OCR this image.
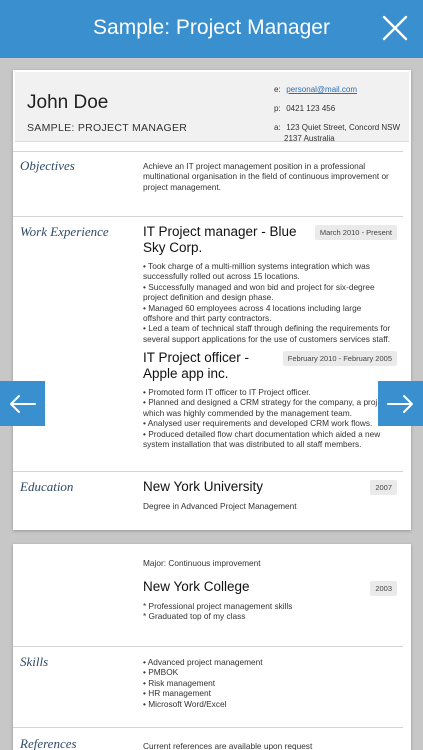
Sample: Project Manager
John Doe
SAMPLE: PROJECT MANAGER
e: personal@mail.com
p: 0421 123 456
a: 123 Quiet Street, Concord NSW
2137 Australia
Objectives	Achieve an IT project management position in a professional
multinational organisation in the field of continuous improvement or
project management.
Work Experience	IT Project manager - Blue
Sky Corp.
March 2010 - Present
• Took charge of a multi-million systems integration which was
successfully rolled out across 15 locations.
• Successfully managed and won bid and project for six-degree
project definition and design phase.
• Managed 60 employees across 4 locations including large
offshore and thirt party contractors.
• Led a team of technical staff through defining the requirements for
several support applications for the use of customers services staff.
IT Project officer -
Apple app inc.
February 2010 - February 2005
• Promoted form IT officer to IT Project officer.
• Planned and designed a CRM strategy for the company, a proj
which was highly commended by the management team.
• Analysed user requirements and developed CRM work flows.
• Produced detailed flow chart documentation which aided a new
system installation that was distributed to all staff members.
Education	New York University	2007
Degree in Advanced Project Management
Major: Continuous improvement
New York College	2003
* Professional project management skills
* Graduated top of my class
Skills	• Advanced project management
• PMBOK
• Risk management
• HR management
• Microsoft Word/Excel
References	Current references are available upon request
